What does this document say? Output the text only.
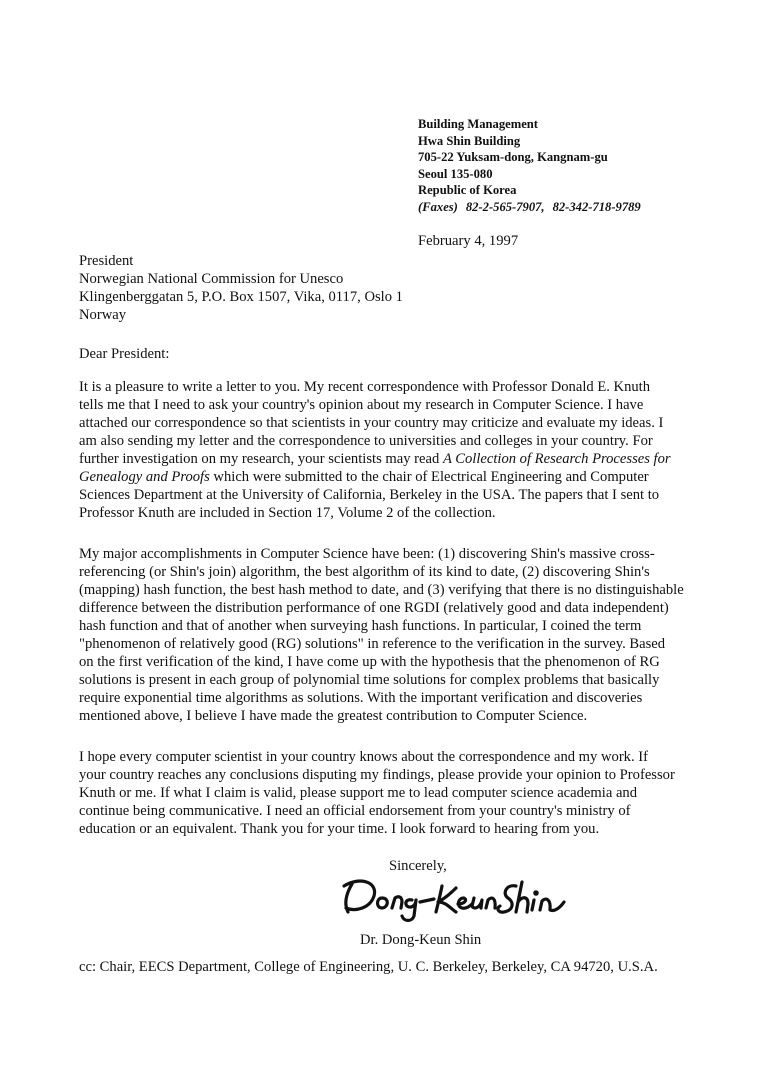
Building Management
Hwa Shin Building
705-22 Yuksam-dong, Kangnam-gu
Seoul 135-080
Republic of Korea
(Faxes) 82-2-565-7907, 82-342-718-9789
February 4, 1997
President
Norwegian National Commission for Unesco
Klingenberggatan 5, P.O. Box 1507, Vika, 0117, Oslo 1
Norway
Dear President:
It is a pleasure to write a letter to you. My recent correspondence with Professor Donald E. Knuth
tells me that I need to ask your country's opinion about my research in Computer Science. I have
attached our correspondence so that scientists in your country may criticize and evaluate my ideas. I
am also sending my letter and the correspondence to universities and colleges in your country. For
further investigation on my research, your scientists may read A Collection of Research Processes for
Genealogy and Proofs which were submitted to the chair of Electrical Engineering and Computer
Sciences Department at the University of California, Berkeley in the USA. The papers that I sent to
Professor Knuth are included in Section 17, Volume 2 of the collection.
My major accomplishments in Computer Science have been: (1) discovering Shin's massive cross-
referencing (or Shin's join) algorithm, the best algorithm of its kind to date, (2) discovering Shin's
(mapping) hash function, the best hash method to date, and (3) verifying that there is no distinguishable
difference between the distribution performance of one RGDI (relatively good and data independent)
hash function and that of another when surveying hash functions. In particular, I coined the term
"phenomenon of relatively good (RG) solutions" in reference to the verification in the survey. Based
on the first verification of the kind, I have come up with the hypothesis that the phenomenon of RG
solutions is present in each group of polynomial time solutions for complex problems that basically
require exponential time algorithms as solutions. With the important verification and discoveries
mentioned above, I believe I have made the greatest contribution to Computer Science.
I hope every computer scientist in your country knows about the correspondence and my work. If
your country reaches any conclusions disputing my findings, please provide your opinion to Professor
Knuth or me. If what I claim is valid, please support me to lead computer science academia and
continue being communicative. I need an official endorsement from your country's ministry of
education or an equivalent. Thank you for your time. I look forward to hearing from you.
Sincerely,
Dr. Dong-Keun Shin
cc: Chair, EECS Department, College of Engineering, U. C. Berkeley, Berkeley, CA 94720, U.S.A.
